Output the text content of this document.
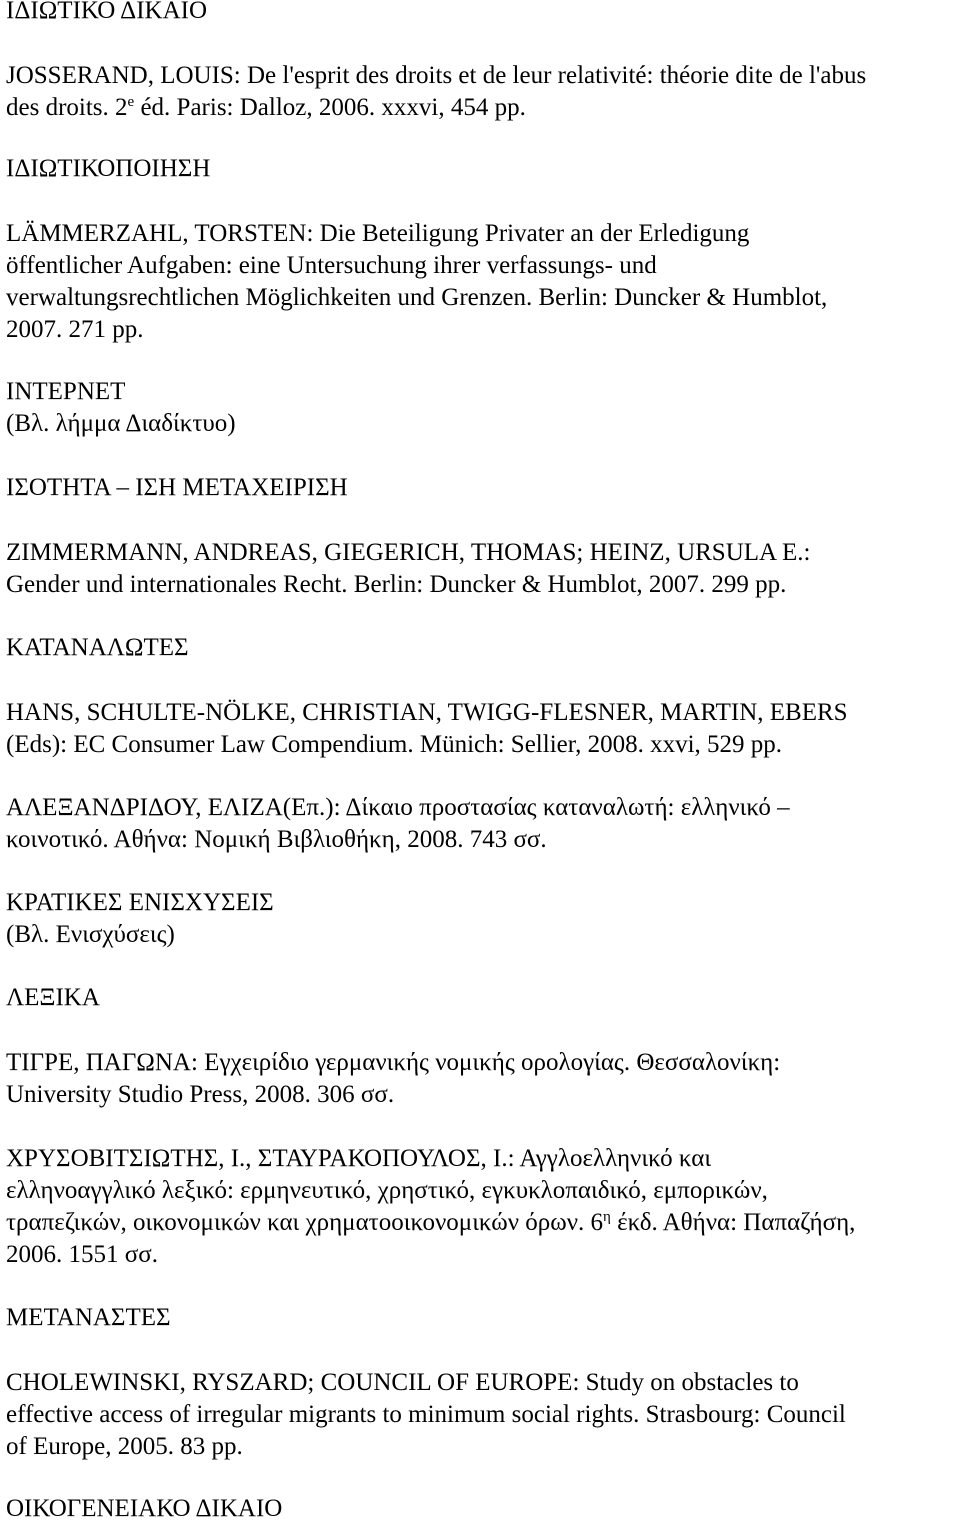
ΙΔΙΩΤΙΚΟ ΔΙΚΑΙΟ
JOSSERAND, LOUIS: De l'esprit des droits et de leur relativité: théorie dite de l'abus
des droits. 2e éd. Paris: Dalloz, 2006. xxxvi, 454 pp.
ΙΔΙΩΤΙΚΟΠΟΙΗΣΗ
LÄMMERZAHL, TORSTEN: Die Beteiligung Privater an der Erledigung
öffentlicher Aufgaben: eine Untersuchung ihrer verfassungs- und
verwaltungsrechtlichen Möglichkeiten und Grenzen. Berlin: Duncker & Humblot,
2007. 271 pp.
ΙΝΤΕΡΝΕΤ
(Βλ. λήμμα Διαδίκτυο)
ΙΣΟΤΗΤΑ – ΙΣΗ ΜΕΤΑΧΕΙΡΙΣΗ
ZIMMERMANN, ANDREAS, GIEGERICH, THOMAS; HEINZ, URSULA E.:
Gender und internationales Recht. Berlin: Duncker & Humblot, 2007. 299 pp.
ΚΑΤΑΝΑΛΩΤΕΣ
HANS, SCHULTE-NÖLKE, CHRISTIAN, TWIGG-FLESNER, MARTIN, EBERS
(Eds): EC Consumer Law Compendium. Münich: Sellier, 2008. xxvi, 529 pp.
ΑΛΕΞΑΝΔΡΙΔΟΥ, ΕΛΙΖΑ(Επ.): Δίκαιο προστασίας καταναλωτή: ελληνικό –
κοινοτικό. Αθήνα: Νομική Βιβλιοθήκη, 2008. 743 σσ.
ΚΡΑΤΙΚΕΣ ΕΝΙΣΧΥΣΕΙΣ
(Βλ. Ενισχύσεις)
ΛΕΞΙΚΑ
ΤΙΓΡΕ, ΠΑΓΩΝΑ: Εγχειρίδιο γερμανικής νομικής ορολογίας. Θεσσαλονίκη:
University Studio Press, 2008. 306 σσ.
ΧΡΥΣΟΒΙΤΣΙΩΤΗΣ, Ι., ΣΤΑΥΡΑΚΟΠΟΥΛΟΣ, Ι.: Αγγλοελληνικό και
ελληνοαγγλικό λεξικό: ερμηνευτικό, χρηστικό, εγκυκλοπαιδικό, εμπορικών,
τραπεζικών, οικονομικών και χρηματοοικονομικών όρων. $6^\eta$ έκδ. Αθήνα: Παπαζήση,
2006. 1551 σσ.
ΜΕΤΑΝΑΣΤΕΣ
CHOLEWINSKI, RYSZARD; COUNCIL OF EUROPE: Study on obstacles to
effective access of irregular migrants to minimum social rights. Strasbourg: Council
of Europe, 2005. 83 pp.
ΟΙΚΟΓΕΝΕΙΑΚΟ ΔΙΚΑΙΟ
